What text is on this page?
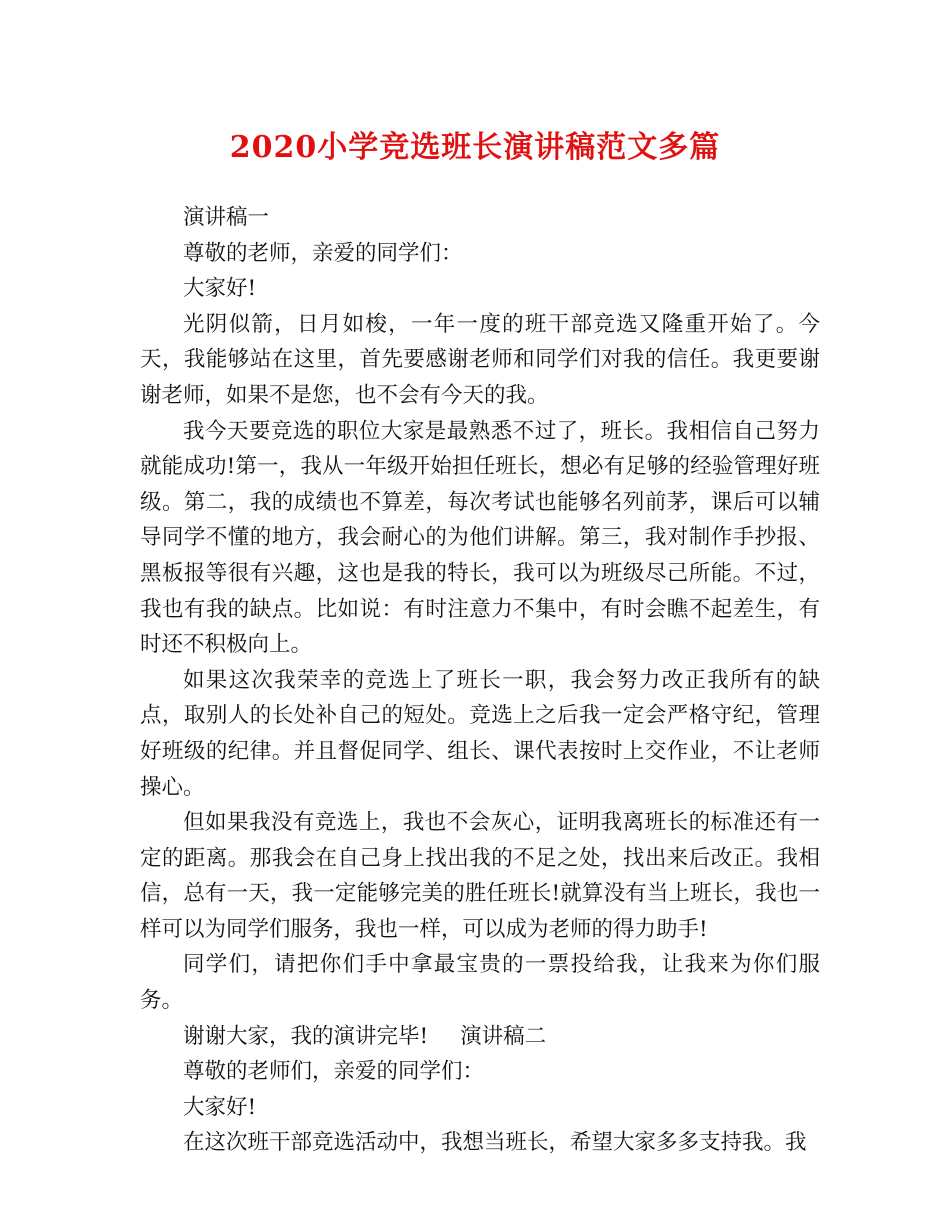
2020小学竞选班长演讲稿范文多篇

演讲稿一

尊敬的老师，亲爱的同学们：

大家好!

光阴似箭，日月如梭，一年一度的班干部竞选又隆重开始了。今天，我能够站在这里，首先要感谢老师和同学们对我的信任。我更要谢谢老师，如果不是您，也不会有今天的我。

我今天要竞选的职位大家是最熟悉不过了，班长。我相信自己努力就能成功!第一，我从一年级开始担任班长，想必有足够的经验管理好班级。第二，我的成绩也不算差，每次考试也能够名列前茅，课后可以辅导同学不懂的地方，我会耐心的为他们讲解。第三，我对制作手抄报、黑板报等很有兴趣，这也是我的特长，我可以为班级尽己所能。不过，我也有我的缺点。比如说：有时注意力不集中，有时会瞧不起差生，有时还不积极向上。

如果这次我荣幸的竞选上了班长一职，我会努力改正我所有的缺点，取别人的长处补自己的短处。竞选上之后我一定会严格守纪，管理好班级的纪律。并且督促同学、组长、课代表按时上交作业，不让老师操心。

但如果我没有竞选上，我也不会灰心，证明我离班长的标准还有一定的距离。那我会在自己身上找出我的不足之处，找出来后改正。我相信，总有一天，我一定能够完美的胜任班长!就算没有当上班长，我也一样可以为同学们服务，我也一样，可以成为老师的得力助手!

同学们，请把你们手中拿最宝贵的一票投给我，让我来为你们服务。

谢谢大家，我的演讲完毕! 演讲稿二

尊敬的老师们，亲爱的同学们：

大家好!

在这次班干部竞选活动中，我想当班长，希望大家多多支持我。我
